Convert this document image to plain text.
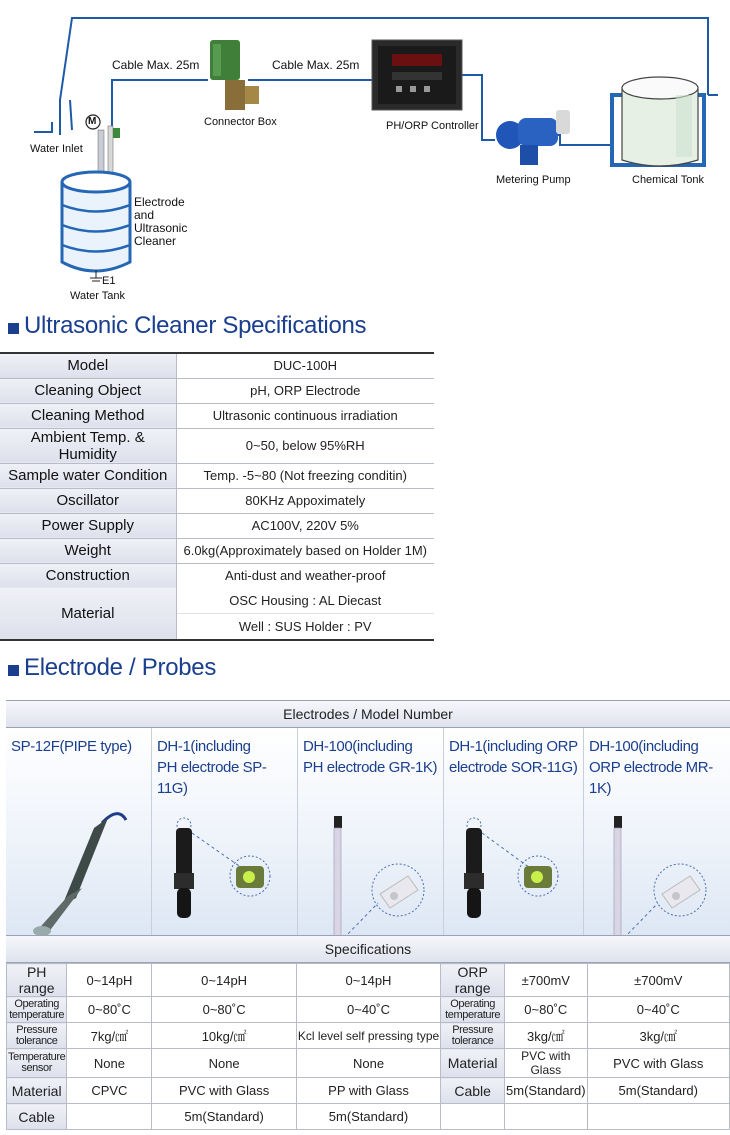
Cable Max. 25m	Cable Max. 25m
Connector Box	PH/ORP Controller
Water Inlet
M
Electrode
and
Ultrasonic
Cleaner
E1
Water Tank
Metering Pump	Chemical Tonk
Ultrasonic Cleaner Specifications
Model	DUC-100H
Cleaning Object	pH, ORP Electrode
Cleaning Method	Ultrasonic continuous irradiation
Ambient Temp. & Humidity	0~50, below 95%RH
Sample water Condition	Temp. -5~80 (Not freezing conditin)
Oscillator	80KHz Appoximately
Power Supply	AC100V, 220V 5%
Weight	6.0kg(Approximately based on Holder 1M)
Construction	Anti-dust and weather-proof
Material	OSC Housing : AL Diecast
Well : SUS Holder : PV
Electrode / Probes
Electrodes / Model Number
SP-12F(PIPE type) DH-1(including
PH electrode SP-11G)
DH-100(including
PH electrode GR-1K)
DH-1(including ORP
electrode SOR-11G)
DH-100(including
ORP electrode MR-1K)
Specifications
PH range	0~14pH	0~14pH	0~14pH	ORP range	±700mV	±700mV
Operating temperature	0~80˚C	0~80˚C	0~40˚C	Operating temperature	0~80˚C	0~40˚C
Pressure tolerance	7kg/㎠	10kg/㎠	Kcl level self pressing type	Pressure tolerance	3kg/㎠	3kg/㎠
Temperature sensor	None	None	None	Material	PVC with Glass	PVC with Glass
Material	CPVC	PVC with Glass	PP with Glass	Cable	5m(Standard)	5m(Standard)
Cable		5m(Standard)	5m(Standard)			
